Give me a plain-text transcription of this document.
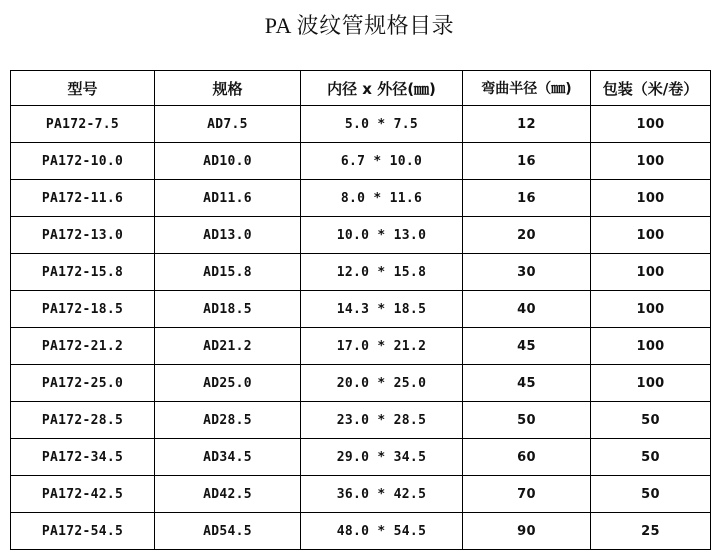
PA 波纹管规格目录
型号	规格	内径 x 外径(㎜)	弯曲半径（㎜)	包装（米/卷）
PA172-7.5	AD7.5	5.0 * 7.5	12	100
PA172-10.0	AD10.0	6.7 * 10.0	16	100
PA172-11.6	AD11.6	8.0 * 11.6	16	100
PA172-13.0	AD13.0	10.0 * 13.0	20	100
PA172-15.8	AD15.8	12.0 * 15.8	30	100
PA172-18.5	AD18.5	14.3 * 18.5	40	100
PA172-21.2	AD21.2	17.0 * 21.2	45	100
PA172-25.0	AD25.0	20.0 * 25.0	45	100
PA172-28.5	AD28.5	23.0 * 28.5	50	50
PA172-34.5	AD34.5	29.0 * 34.5	60	50
PA172-42.5	AD42.5	36.0 * 42.5	70	50
PA172-54.5	AD54.5	48.0 * 54.5	90	25
